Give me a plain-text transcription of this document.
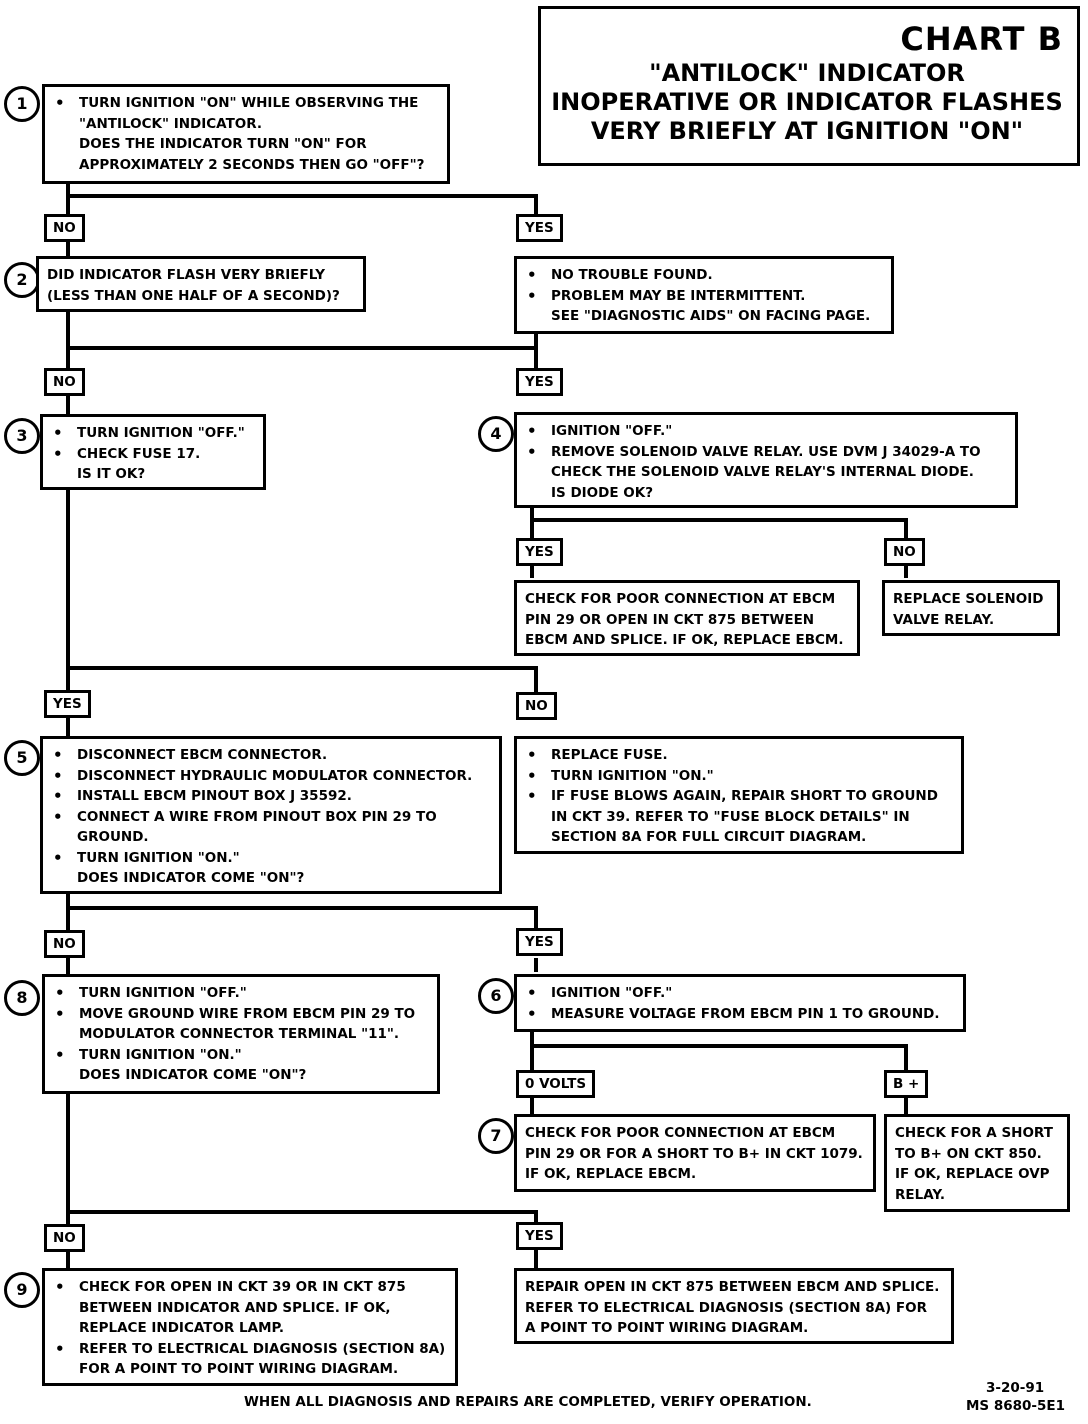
CHART B
"ANTILOCK" INDICATOR
INOPERATIVE OR INDICATOR FLASHES
VERY BRIEFLY AT IGNITION "ON"
1	• TURN IGNITION "ON" WHILE OBSERVING THE
"ANTILOCK" INDICATOR.
DOES THE INDICATOR TURN "ON" FOR
APPROXIMATELY 2 SECONDS THEN GO "OFF"?
NO	YES
2	DID INDICATOR FLASH VERY BRIEFLY
(LESS THAN ONE HALF OF A SECOND)?
• NO TROUBLE FOUND.
• PROBLEM MAY BE INTERMITTENT.
SEE "DIAGNOSTIC AIDS" ON FACING PAGE.
NO	YES
3	• TURN IGNITION "OFF."
• CHECK FUSE 17.
IS IT OK?
4	• IGNITION "OFF."
• REMOVE SOLENOID VALVE RELAY. USE DVM J 34029-A TO
CHECK THE SOLENOID VALVE RELAY'S INTERNAL DIODE.
IS DIODE OK?
YES	NO
CHECK FOR POOR CONNECTION AT EBCM
PIN 29 OR OPEN IN CKT 875 BETWEEN
EBCM AND SPLICE. IF OK, REPLACE EBCM.
REPLACE SOLENOID
VALVE RELAY.
YES	NO
5	• DISCONNECT EBCM CONNECTOR.
• DISCONNECT HYDRAULIC MODULATOR CONNECTOR.
• INSTALL EBCM PINOUT BOX J 35592.
• CONNECT A WIRE FROM PINOUT BOX PIN 29 TO
GROUND.
• TURN IGNITION "ON."
DOES INDICATOR COME "ON"?
• REPLACE FUSE.
• TURN IGNITION "ON."
• IF FUSE BLOWS AGAIN, REPAIR SHORT TO GROUND
IN CKT 39. REFER TO "FUSE BLOCK DETAILS" IN
SECTION 8A FOR FULL CIRCUIT DIAGRAM.
NO	YES
8	• TURN IGNITION "OFF."
• MOVE GROUND WIRE FROM EBCM PIN 29 TO
MODULATOR CONNECTOR TERMINAL "11".
• TURN IGNITION "ON."
DOES INDICATOR COME "ON"?
6	• IGNITION "OFF."
• MEASURE VOLTAGE FROM EBCM PIN 1 TO GROUND.
0 VOLTS	B +
7	CHECK FOR POOR CONNECTION AT EBCM
PIN 29 OR FOR A SHORT TO B+ IN CKT 1079.
IF OK, REPLACE EBCM.
CHECK FOR A SHORT
TO B+ ON CKT 850.
IF OK, REPLACE OVP
RELAY.
NO	YES
9	• CHECK FOR OPEN IN CKT 39 OR IN CKT 875
BETWEEN INDICATOR AND SPLICE. IF OK,
REPLACE INDICATOR LAMP.
• REFER TO ELECTRICAL DIAGNOSIS (SECTION 8A)
FOR A POINT TO POINT WIRING DIAGRAM.
REPAIR OPEN IN CKT 875 BETWEEN EBCM AND SPLICE.
REFER TO ELECTRICAL DIAGNOSIS (SECTION 8A) FOR
A POINT TO POINT WIRING DIAGRAM.
WHEN ALL DIAGNOSIS AND REPAIRS ARE COMPLETED, VERIFY OPERATION.
3-20-91
MS 8680-5E1
